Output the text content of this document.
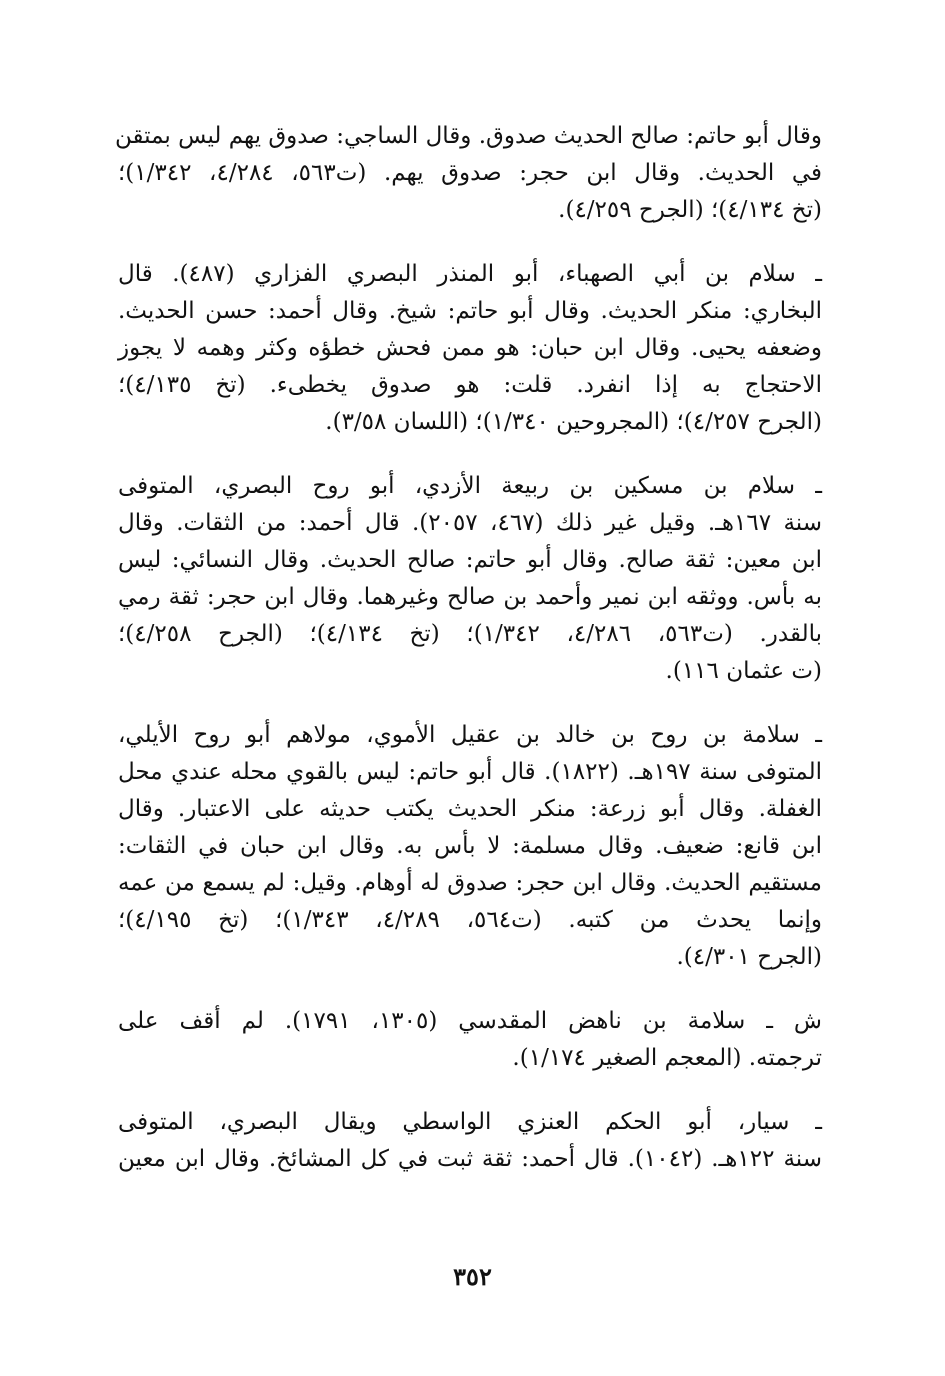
وقال أبو حاتم: صالح الحديث صدوق. وقال الساجي: صدوق يهم ليس بمتقن
في الحديث. وقال ابن حجر: صدوق يهم. (ت٥٦٣، ٤/٢٨٤، ١/٣٤٢)؛
(تخ ٤/١٣٤)؛ (الجرح ٤/٢٥٩).

ـ سلام بن أبي الصهباء، أبو المنذر البصري الفزاري (٤٨٧). قال
البخاري: منكر الحديث. وقال أبو حاتم: شيخ. وقال أحمد: حسن الحديث.
وضعفه يحيى. وقال ابن حبان: هو ممن فحش خطؤه وكثر وهمه لا يجوز
الاحتجاج به إذا انفرد. قلت: هو صدوق يخطىء. (تخ ٤/١٣٥)؛
(الجرح ٤/٢٥٧)؛ (المجروحين ١/٣٤٠)؛ (اللسان ٣/٥٨).

ـ سلام بن مسكين بن ربيعة الأزدي، أبو روح البصري، المتوفى
سنة ١٦٧هـ. وقيل غير ذلك (٤٦٧، ٢٠٥٧). قال أحمد: من الثقات. وقال
ابن معين: ثقة صالح. وقال أبو حاتم: صالح الحديث. وقال النسائي: ليس
به بأس. ووثقه ابن نمير وأحمد بن صالح وغيرهما. وقال ابن حجر: ثقة رمي
بالقدر. (ت٥٦٣، ٤/٢٨٦، ١/٣٤٢)؛ (تخ ٤/١٣٤)؛ (الجرح ٤/٢٥٨)؛
(ت عثمان ١١٦).

ـ سلامة بن روح بن خالد بن عقيل الأموي، مولاهم أبو روح الأيلي،
المتوفى سنة ١٩٧هـ. (١٨٢٢). قال أبو حاتم: ليس بالقوي محله عندي محل
الغفلة. وقال أبو زرعة: منكر الحديث يكتب حديثه على الاعتبار. وقال
ابن قانع: ضعيف. وقال مسلمة: لا بأس به. وقال ابن حبان في الثقات:
مستقيم الحديث. وقال ابن حجر: صدوق له أوهام. وقيل: لم يسمع من عمه
وإنما يحدث من كتبه. (ت٥٦٤، ٤/٢٨٩، ١/٣٤٣)؛ (تخ ٤/١٩٥)؛
(الجرح ٤/٣٠١).

ش ـ سلامة بن ناهض المقدسي (١٣٠٥، ١٧٩١). لم أقف على
ترجمته. (المعجم الصغير ١/١٧٤).

ـ سيار، أبو الحكم العنزي الواسطي ويقال البصري، المتوفى
سنة ١٢٢هـ. (١٠٤٢). قال أحمد: ثقة ثبت في كل المشائخ. وقال ابن معين

٣٥٢
